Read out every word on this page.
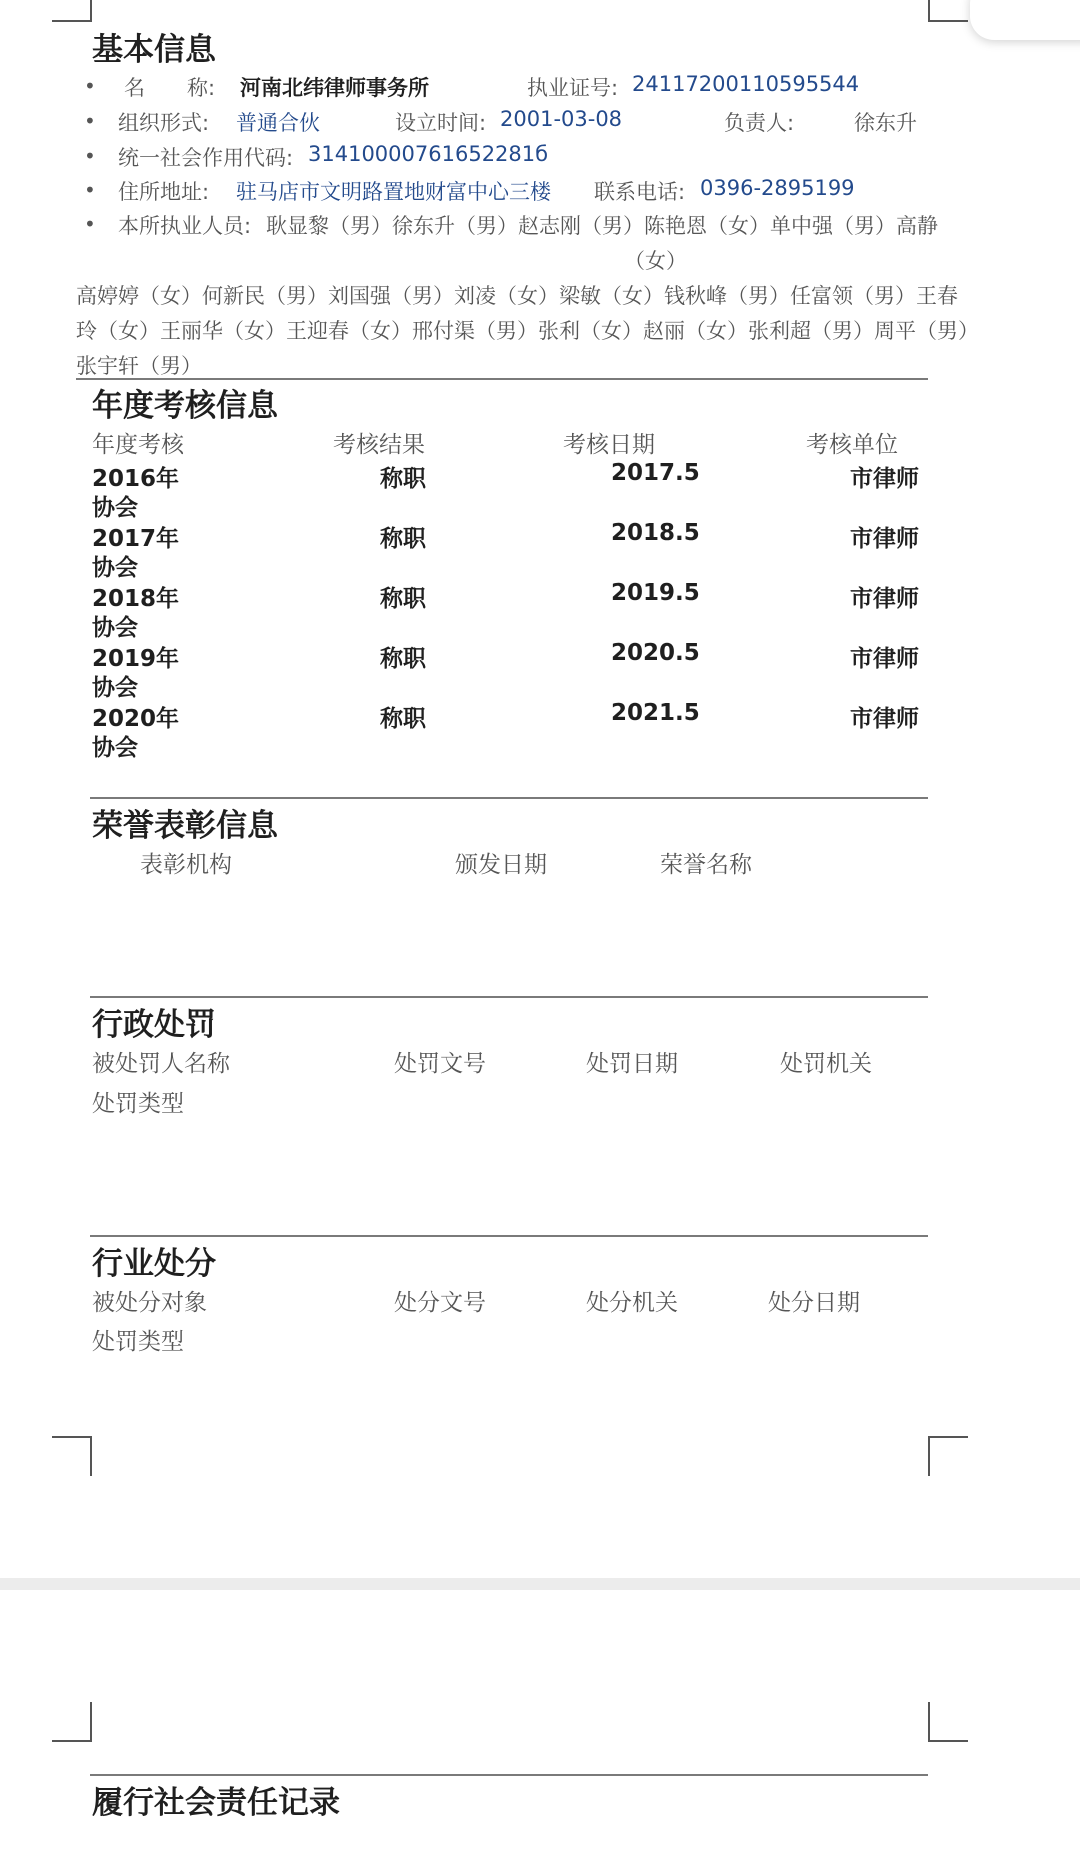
基本信息
• 名　　称: 河南北纬律师事务所	执业证号: 24117200110595544
• 组织形式: 普通合伙	设立时间: 2001-03-08	负责人:	徐东升
• 统一社会作用代码: 31410000761652281б
• 住所地址: 驻马店市文明路置地财富中心三楼 联系电话: 0396-2895199
• 本所执业人员: 耿显黎（男）徐东升（男）赵志刚（男）陈艳恩（女）单中强（男）高静
（女）
高婷婷（女）何新民（男）刘国强（男）刘凌（女）梁敏（女）钱秋峰（男）任富领（男）王春
玲（女）王丽华（女）王迎春（女）邢付渠（男）张利（女）赵丽（女）张利超（男）周平（男）
张宇轩（男）
年度考核信息
年度考核	考核结果	考核日期	考核单位
2016年	称职	2017.5	市律师
协会
2017年	称职	2018.5	市律师
协会
2018年	称职	2019.5	市律师
协会
2019年	称职	2020.5	市律师
协会
2020年	称职	2021.5	市律师
协会
荣誉表彰信息
表彰机构	颁发日期	荣誉名称
行政处罚
被处罚人名称	处罚文号	处罚日期	处罚机关
处罚类型
行业处分
被处分对象	处分文号	处分机关	处分日期
处罚类型
履行社会责任记录
